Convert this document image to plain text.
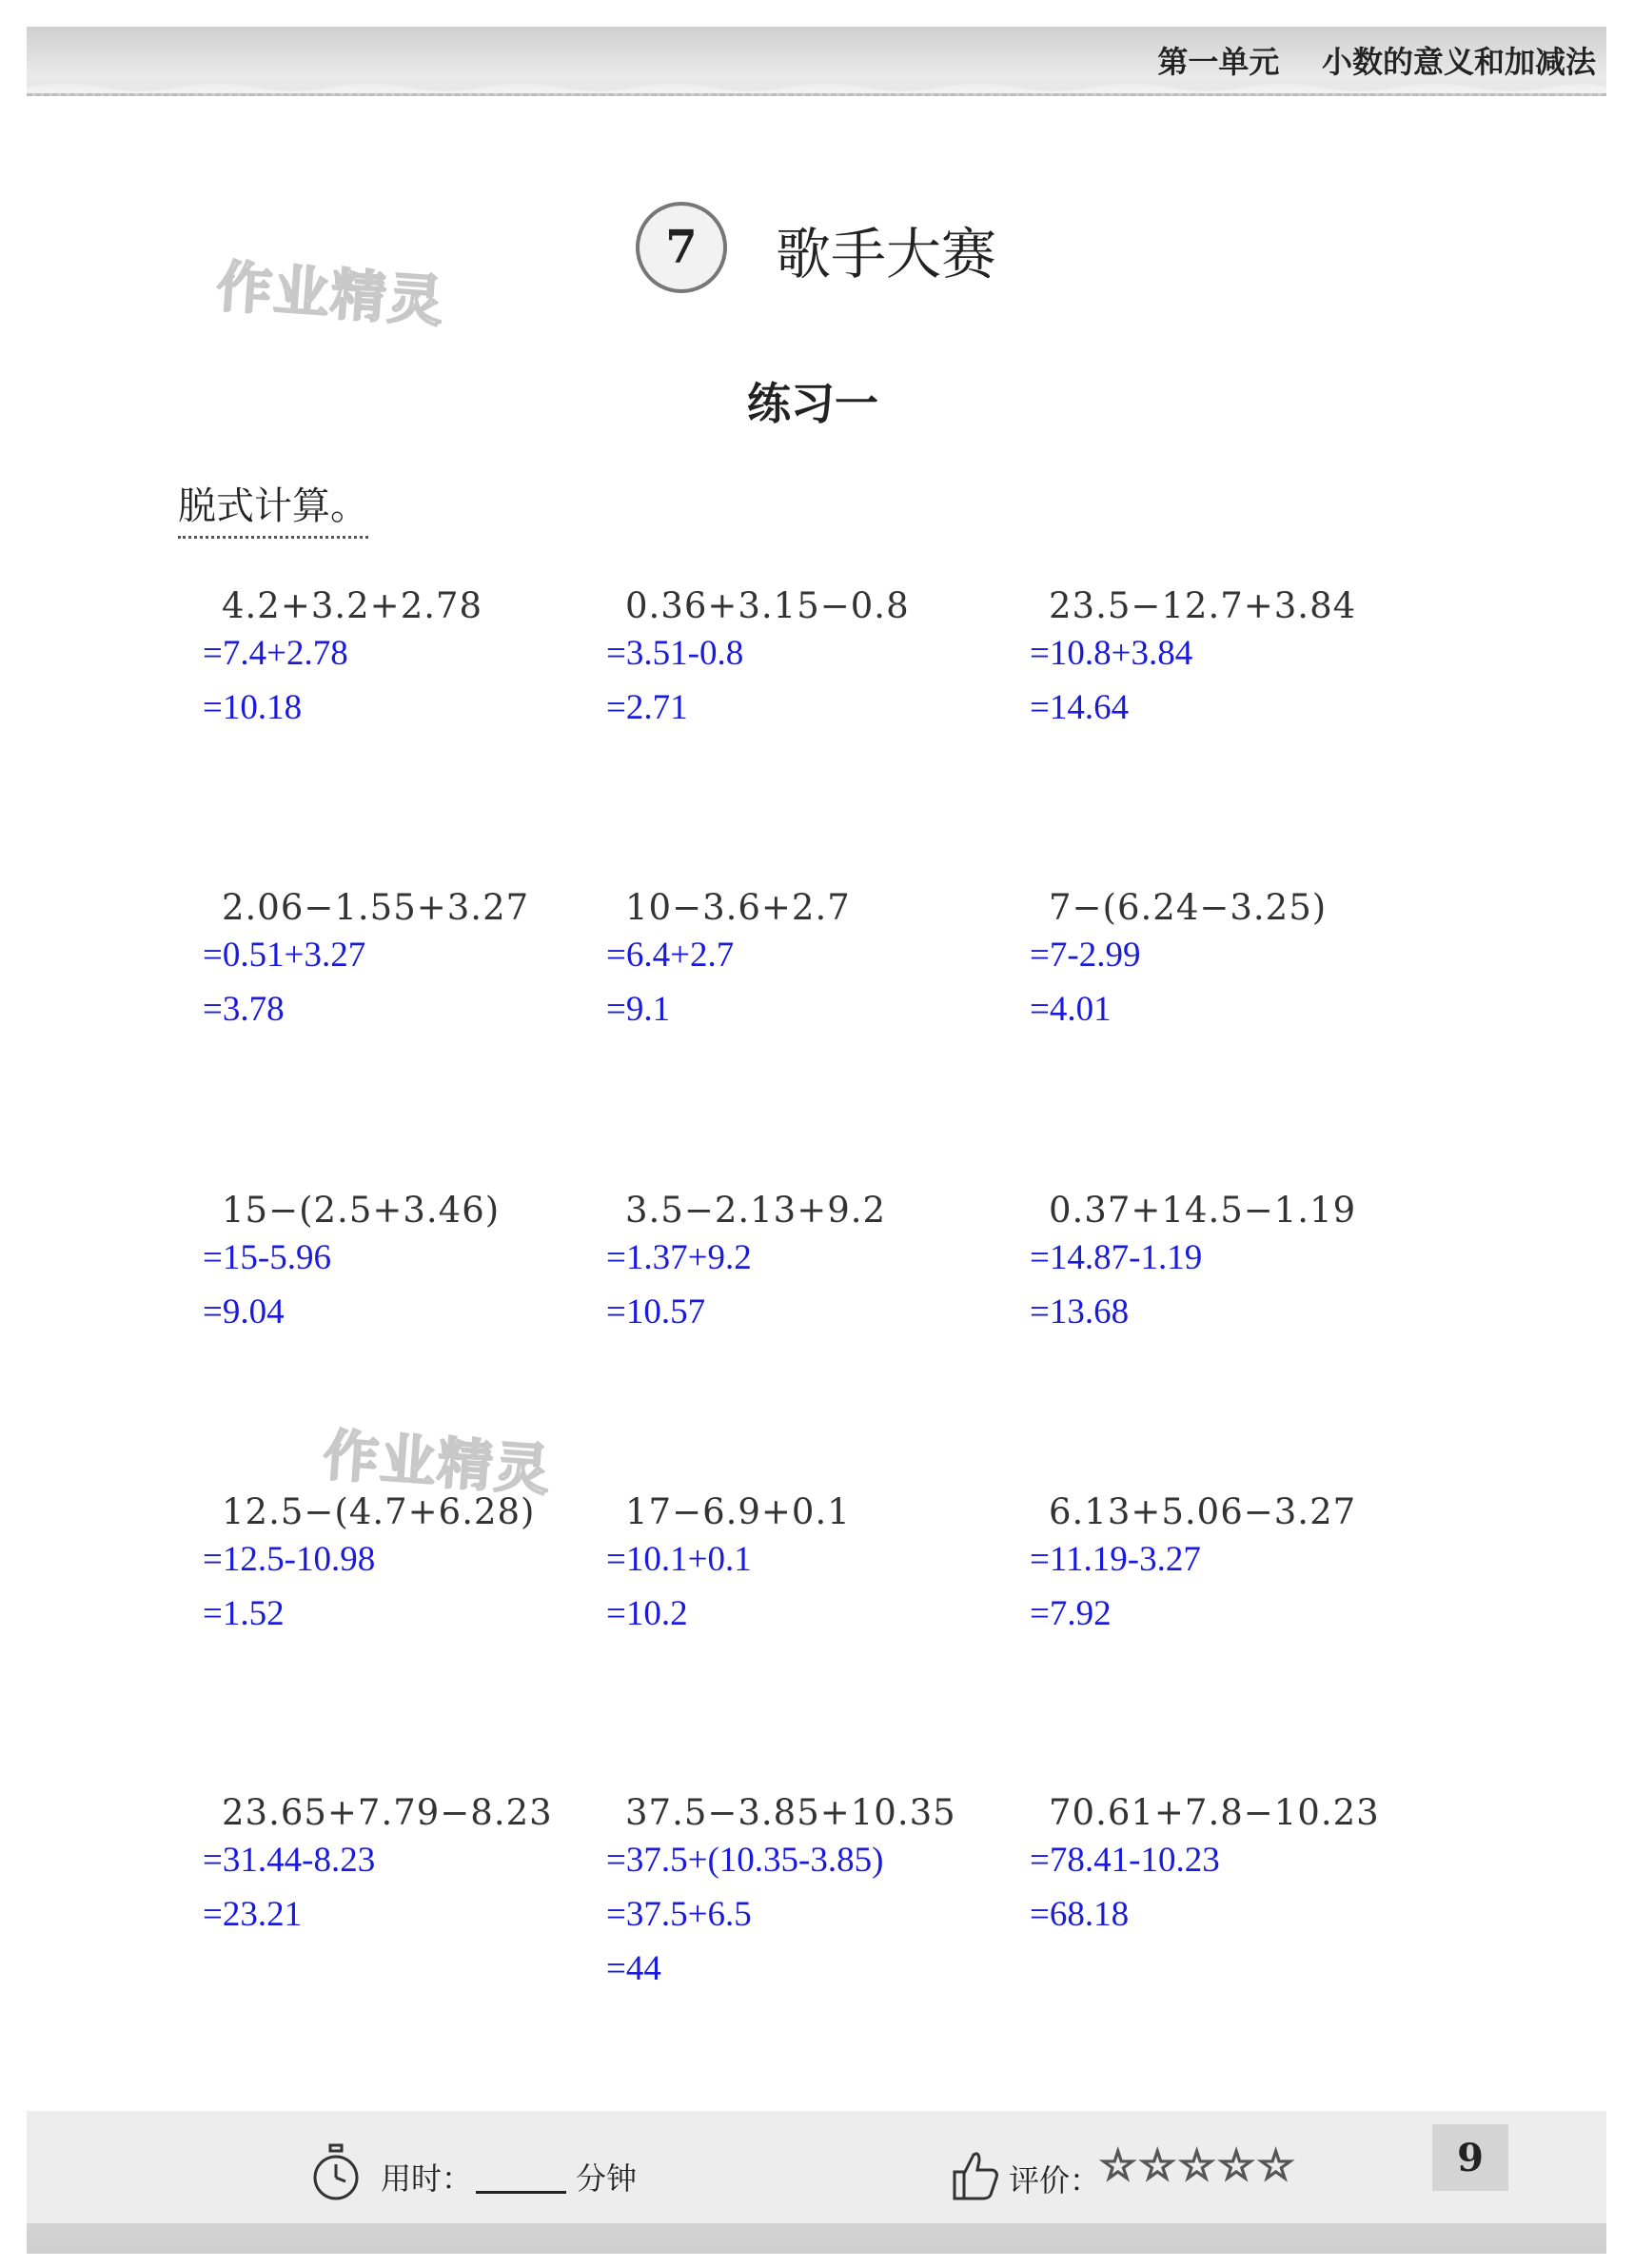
第一单元    小数的意义和加减法
7	歌手大赛
作业精灵
作业精灵
练习一
脱式计算。
4.2+3.2+2.78
=7.4+2.78
=10.18
0.36+3.15−0.8
=3.51-0.8
=2.71
23.5−12.7+3.84
=10.8+3.84
=14.64
2.06−1.55+3.27
=0.51+3.27
=3.78
10−3.6+2.7
=6.4+2.7
=9.1
7−(6.24−3.25)
=7-2.99
=4.01
15−(2.5+3.46)
=15-5.96
=9.04
3.5−2.13+9.2
=1.37+9.2
=10.57
0.37+14.5−1.19
=14.87-1.19
=13.68
12.5−(4.7+6.28)
=12.5-10.98
=1.52
17−6.9+0.1
=10.1+0.1
=10.2
6.13+5.06−3.27
=11.19-3.27
=7.92
23.65+7.79−8.23
=31.44-8.23
=23.21
37.5−3.85+10.35
=37.5+(10.35-3.85)
=37.5+6.5
=44
70.61+7.8−10.23
=78.41-10.23
=68.18
用时：	分钟	评价：
☆ ☆ ☆ ☆ ☆	9
